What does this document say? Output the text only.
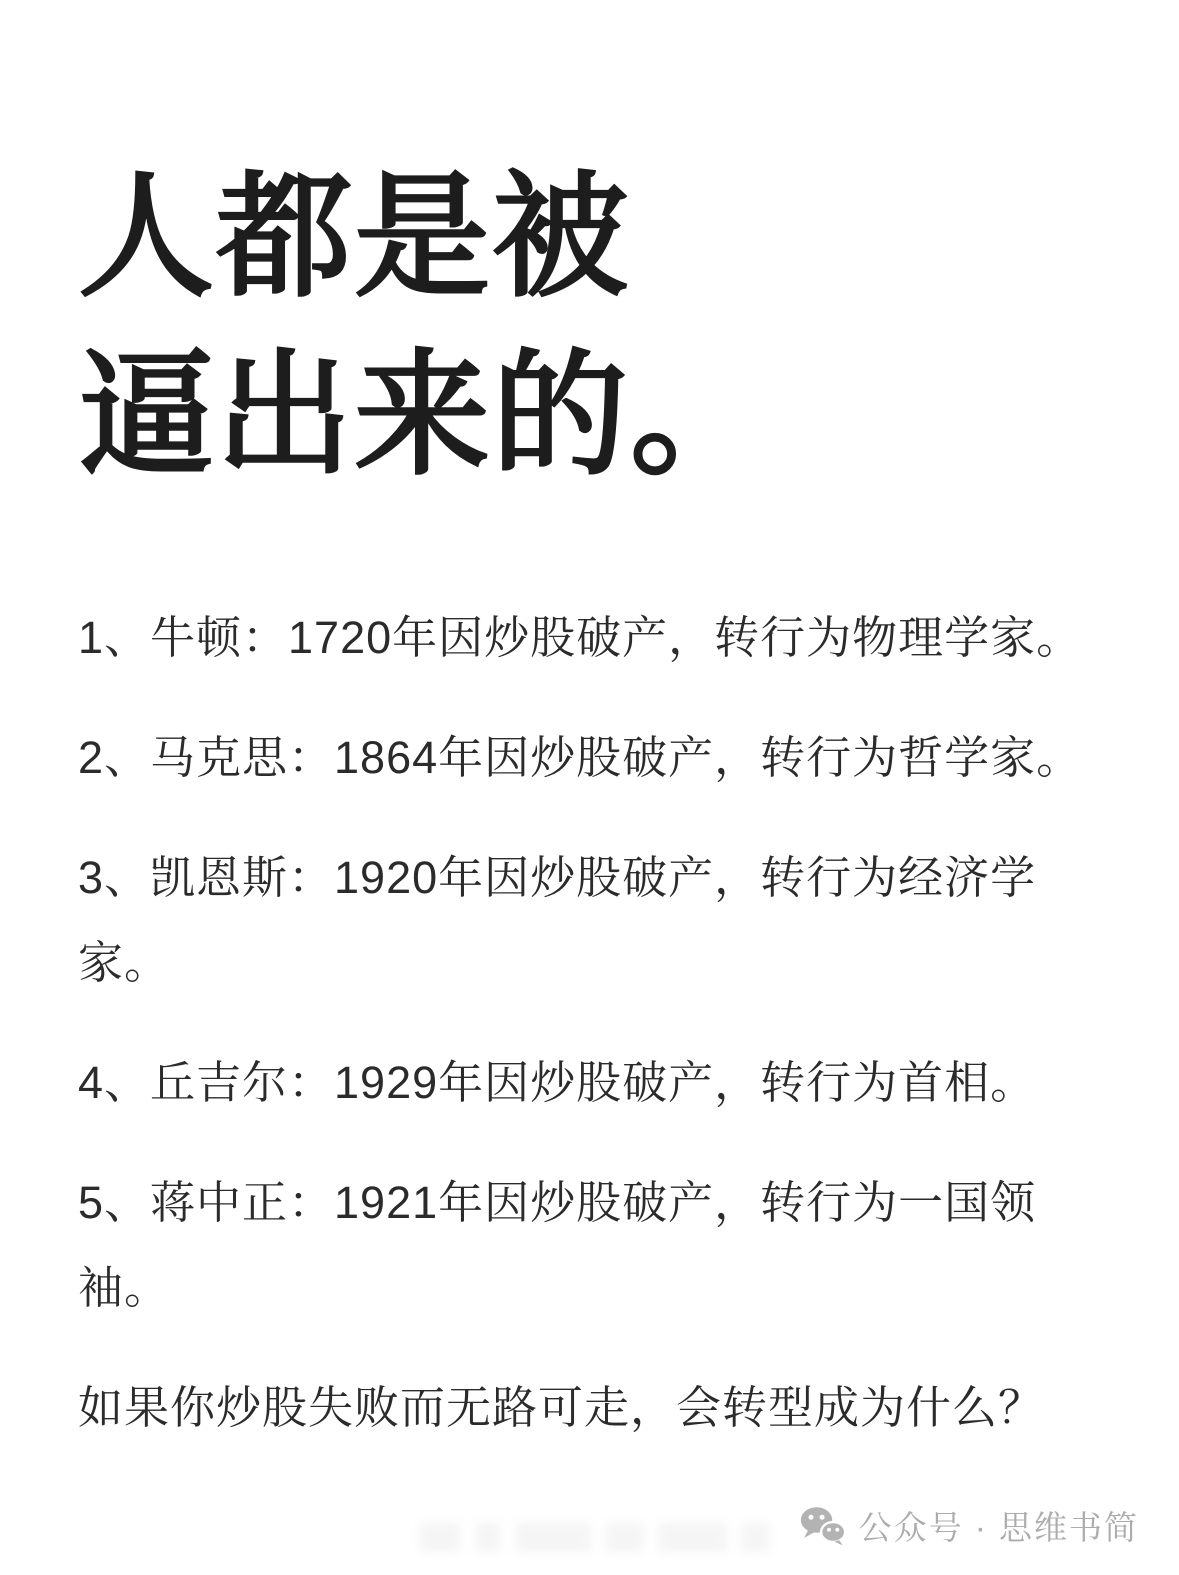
人都是被
逼出来的。

1、牛顿：1720年因炒股破产，转行为物理学家。

2、马克思：1864年因炒股破产，转行为哲学家。

3、凯恩斯：1920年因炒股破产，转行为经济学家。

4、丘吉尔：1929年因炒股破产，转行为首相。

5、蒋中正：1921年因炒股破产，转行为一国领袖。

如果你炒股失败而无路可走，会转型成为什么？

公众号 · 思维书简
